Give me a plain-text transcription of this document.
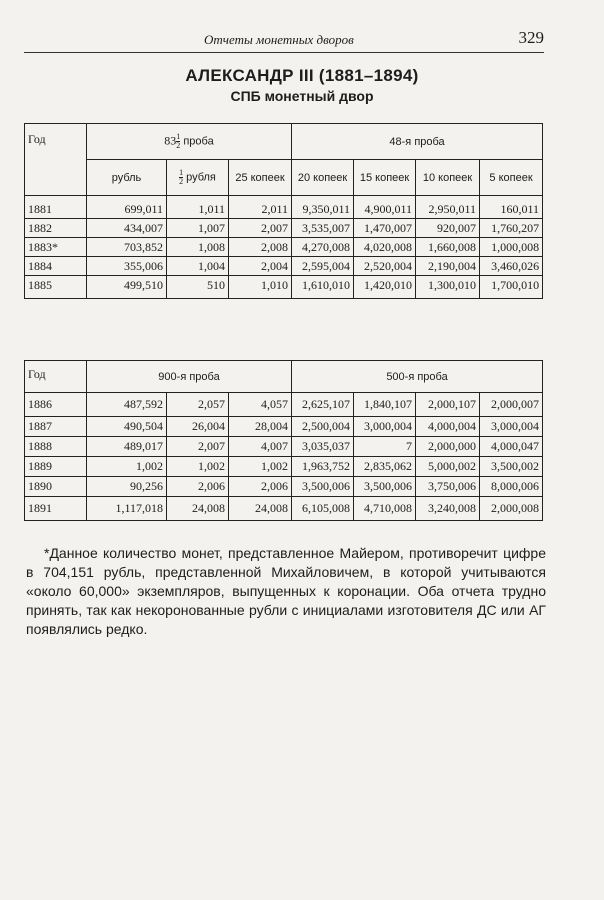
Отчеты монетных дворов	329
АЛЕКСАНДР III (1881–1894)
СПБ монетный двор
Год	$83 \frac{1}{2}$ проба			48-я проба			
	рубль	$\frac{1}{2}$ рубля	25 копеек	20 копеек	15 копеек	10 копеек	5 копеек
1881	699,011	1,011	2,011	9,350,011	4,900,011	2,950,011	160,011
1882	434,007	1,007	2,007	3,535,007	1,470,007	920,007	1,760,207
1883*	703,852	1,008	2,008	4,270,008	4,020,008	1,660,008	1,000,008
1884	355,006	1,004	2,004	2,595,004	2,520,004	2,190,004	3,460,026
1885	499,510	510	1,010	1,610,010	1,420,010	1,300,010	1,700,010
Год	900-я проба			500-я проба			
1886	487,592	2,057	4,057	2,625,107	1,840,107	2,000,107	2,000,007
1887	490,504	26,004	28,004	2,500,004	3,000,004	4,000,004	3,000,004
1888	489,017	2,007	4,007	3,035,037	7	2,000,000	4,000,047
1889	1,002	1,002	1,002	1,963,752	2,835,062	5,000,002	3,500,002
1890	90,256	2,006	2,006	3,500,006	3,500,006	3,750,006	8,000,006
1891	1,117,018	24,008	24,008	6,105,008	4,710,008	3,240,008	2,000,008
*Данное количество монет, представленное Майером, противоречит цифре в 704,151 рубль, представленной Михайловичем, в которой учитываются «около 60,000» экземпляров, выпущенных к коронации. Оба отчета трудно принять, так как некоронованные рубли с инициалами изготовителя ДС или АГ появлялись редко.
